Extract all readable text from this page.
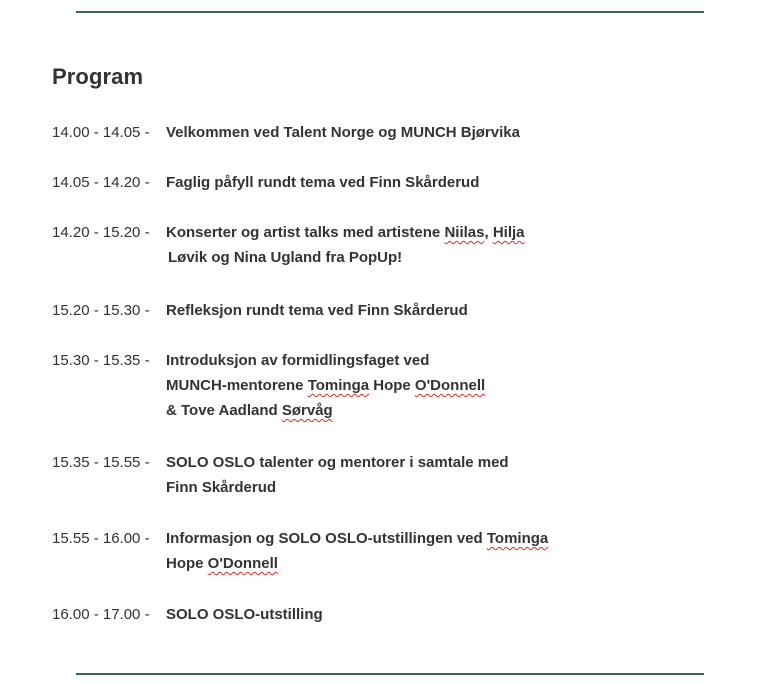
Program
14.00 - 14.05 - Velkommen ved Talent Norge og MUNCH Bjørvika
14.05 - 14.20 - Faglig påfyll rundt tema ved Finn Skårderud
14.20 - 15.20 - Konserter og artist talks med artistene Niilas, Hilja
Løvik og Nina Ugland fra PopUp!
15.20 - 15.30 - Refleksjon rundt tema ved Finn Skårderud
15.30 - 15.35 - Introduksjon av formidlingsfaget ved
MUNCH-mentorene Tominga Hope O'Donnell
& Tove Aadland Sørvåg
15.35 - 15.55 - SOLO OSLO talenter og mentorer i samtale med
Finn Skårderud
15.55 - 16.00 - Informasjon og SOLO OSLO-utstillingen ved Tominga
Hope O'Donnell
16.00 - 17.00 - SOLO OSLO-utstilling
